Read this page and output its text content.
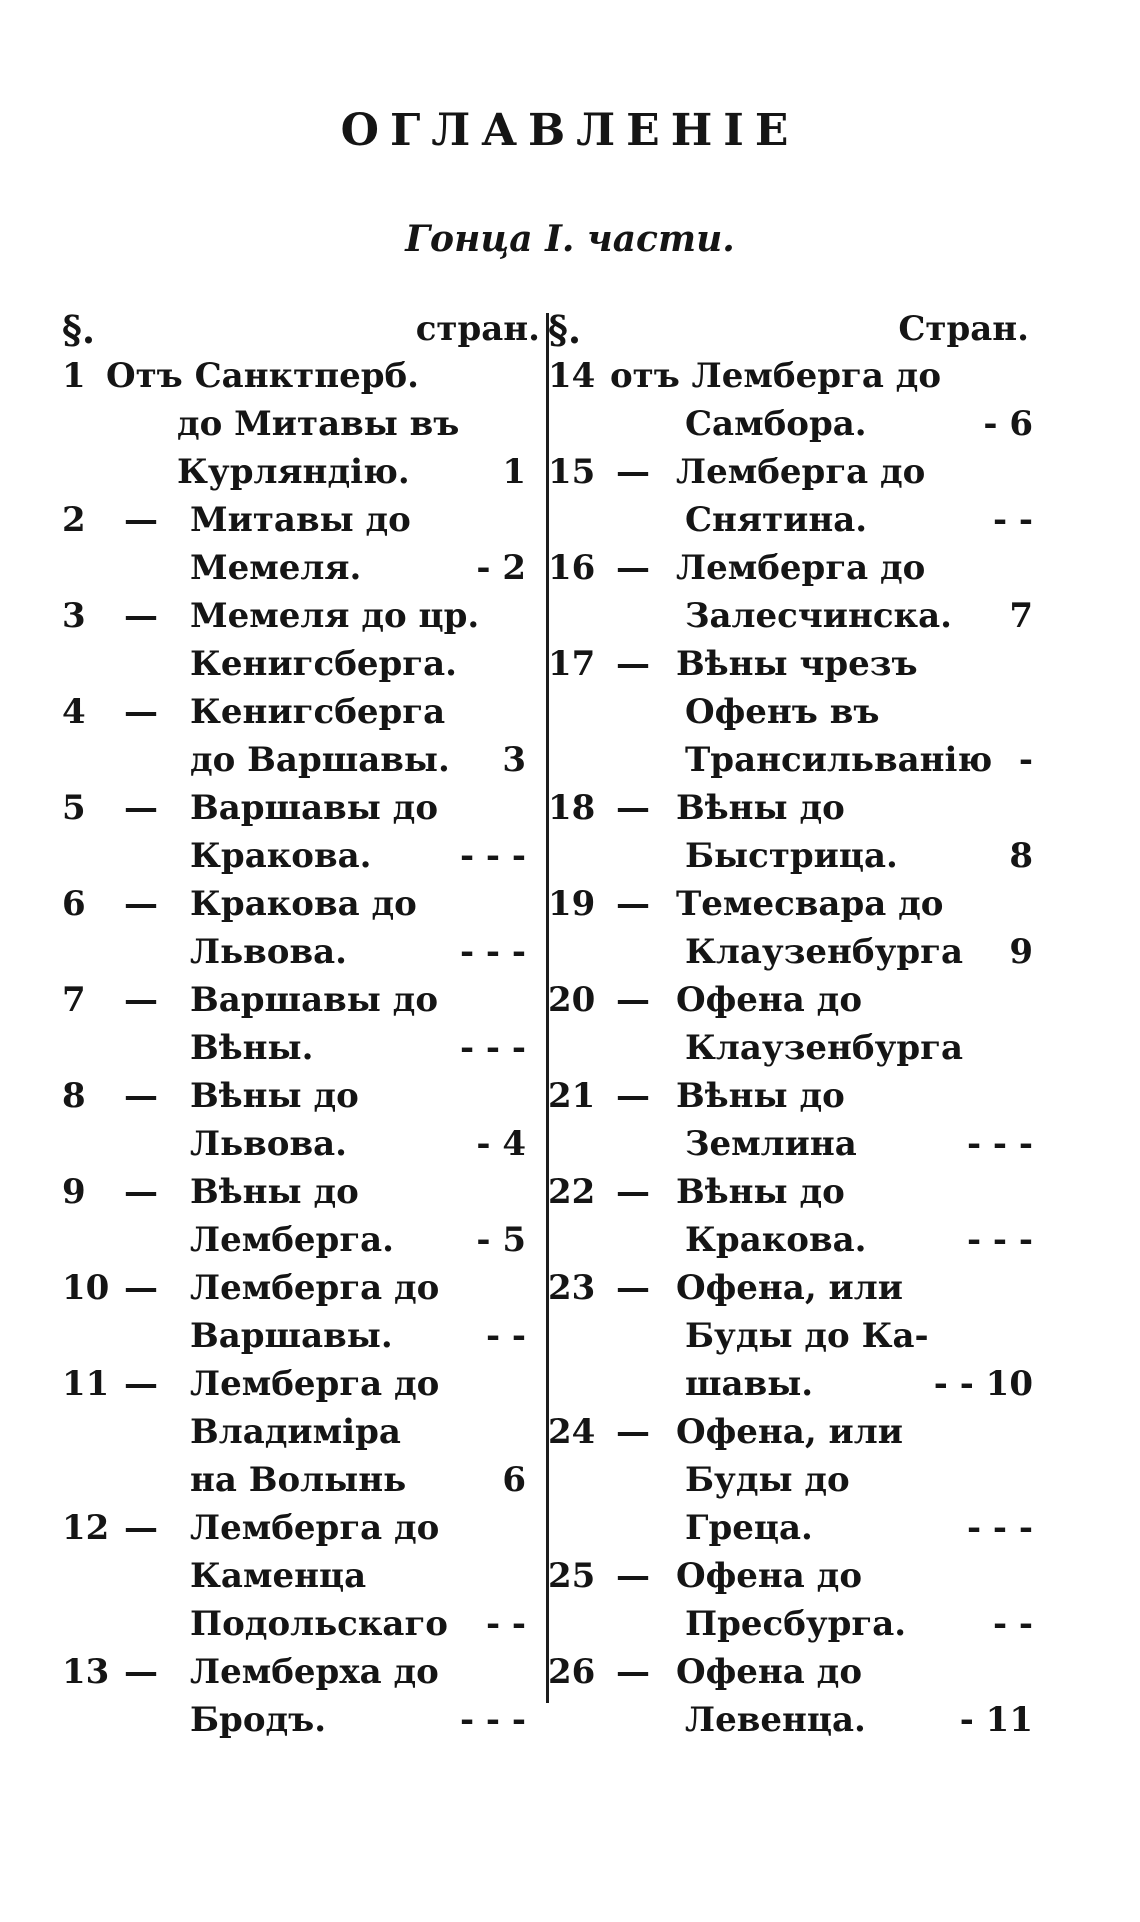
ОГЛАВЛЕНІЕ
Гонца I. части.
§.	стран.
1 Отъ Санктперб.
до Митавы въ
Курляндію.	1
2 — Митавы до
Мемеля.	- 2
3 — Мемеля до цр.
Кенигсберга.
4 — Кенигсберга
до Варшавы. 3
5 — Варшавы до
Кракова.	- - -
6 — Кракова до
Львова.	- - -
7 — Варшавы до
Вѣны.	- - -
8 — Вѣны до
Львова.	- 4
9 — Вѣны до
Лемберга. - 5
10 — Лемберга до
Варшавы.	- -
11 — Лемберга до
Владиміра
на Волынь	6
12 — Лемберга до
Каменца
Подольскаго - -
13 — Лемберха до
Бродъ.	- - -
§.	Стран.
14 отъ Лемберга до
Самбора.	- 6
15 — Лемберга до
Снятина.	- -
16 — Лемберга до
Залесчинска. 7
17 — Вѣны чрезъ
Офенъ въ
Трансильванію -
18 — Вѣны до
Быстрица.	8
19 — Темесвара до
Клаузенбурга 9
20 — Офена до
Клаузенбурга
21 — Вѣны до
Землина	- - -
22 — Вѣны до
Кракова.	- - -
23 — Офена, или
Буды до Ка-
шавы.	- - 10
24 — Офена, или
Буды до
Греца.	- - -
25 — Офена до
Пресбурга.	- -
26 — Офена до
Левенца.	- 11
